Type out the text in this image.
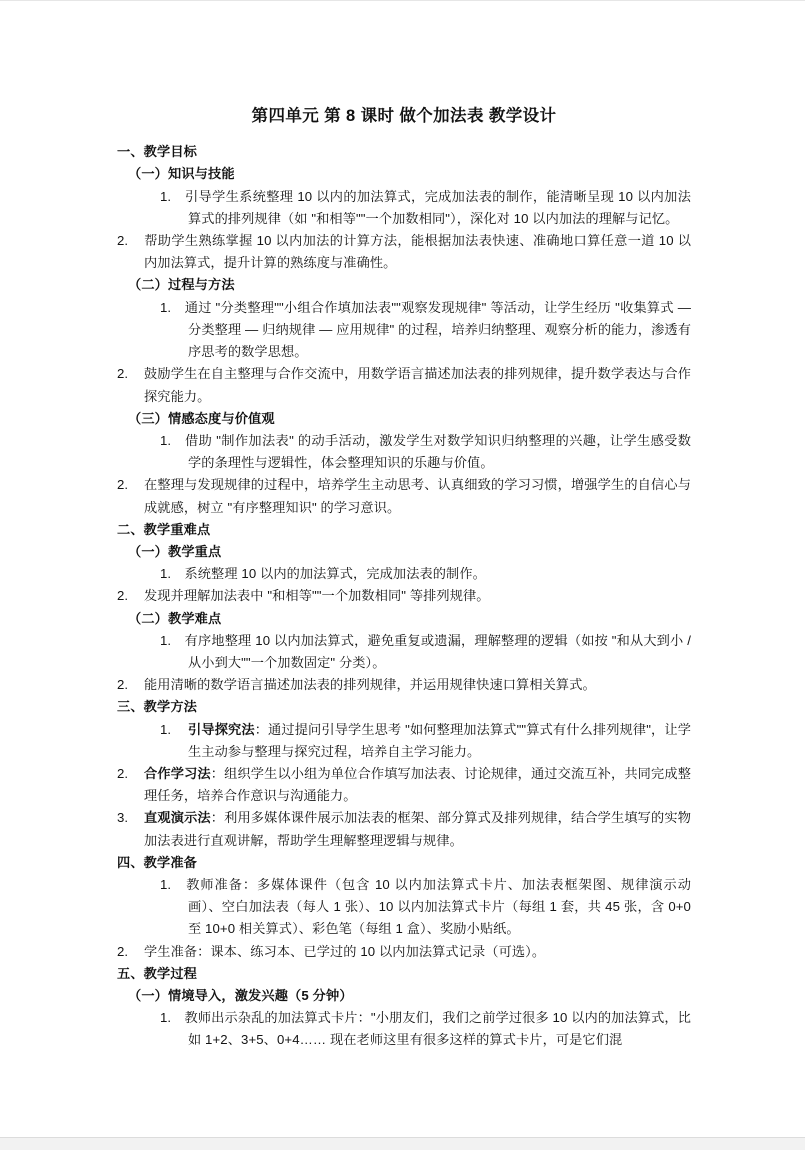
第四单元 第 8 课时 做个加法表 教学设计
一、教学目标
（一）知识与技能
1.　引导学生系统整理 10 以内的加法算式，完成加法表的制作，能清晰呈现 10 以内加法算式的排列规律（如 "和相等""一个加数相同"），深化对 10 以内加法的理解与记忆。
2. 帮助学生熟练掌握 10 以内加法的计算方法，能根据加法表快速、准确地口算任意一道 10 以内加法算式，提升计算的熟练度与准确性。
（二）过程与方法
1.　通过 "分类整理""小组合作填加法表""观察发现规律" 等活动，让学生经历 "收集算式 — 分类整理 — 归纳规律 — 应用规律" 的过程，培养归纳整理、观察分析的能力，渗透有序思考的数学思想。
2. 鼓励学生在自主整理与合作交流中，用数学语言描述加法表的排列规律，提升数学表达与合作探究能力。
（三）情感态度与价值观
1.　借助 "制作加法表" 的动手活动，激发学生对数学知识归纳整理的兴趣，让学生感受数学的条理性与逻辑性，体会整理知识的乐趣与价值。
2. 在整理与发现规律的过程中，培养学生主动思考、认真细致的学习习惯，增强学生的自信心与成就感，树立 "有序整理知识" 的学习意识。
二、教学重难点
（一）教学重点
1.　系统整理 10 以内的加法算式，完成加法表的制作。
2. 发现并理解加法表中 "和相等""一个加数相同" 等排列规律。
（二）教学难点
1.　有序地整理 10 以内加法算式，避免重复或遗漏，理解整理的逻辑（如按 "和从大到小 / 从小到大""一个加数固定" 分类）。
2. 能用清晰的数学语言描述加法表的排列规律，并运用规律快速口算相关算式。
三、教学方法
1. 引导探究法：通过提问引导学生思考 "如何整理加法算式""算式有什么排列规律"，让学生主动参与整理与探究过程，培养自主学习能力。
2. 合作学习法：组织学生以小组为单位合作填写加法表、讨论规律，通过交流互补，共同完成整理任务，培养合作意识与沟通能力。
3. 直观演示法：利用多媒体课件展示加法表的框架、部分算式及排列规律，结合学生填写的实物加法表进行直观讲解，帮助学生理解整理逻辑与规律。
四、教学准备
1.　教师准备：多媒体课件（包含 10 以内加法算式卡片、加法表框架图、规律演示动画）、空白加法表（每人 1 张）、10 以内加法算式卡片（每组 1 套，共 45 张，含 0+0 至 10+0 相关算式）、彩色笔（每组 1 盒）、奖励小贴纸。
2. 学生准备：课本、练习本、已学过的 10 以内加法算式记录（可选）。
五、教学过程
（一）情境导入，激发兴趣（5 分钟）
1.　教师出示杂乱的加法算式卡片："小朋友们，我们之前学过很多 10 以内的加法算式，比如 1+2、3+5、0+4…… 现在老师这里有很多这样的算式卡片，可是它们混
